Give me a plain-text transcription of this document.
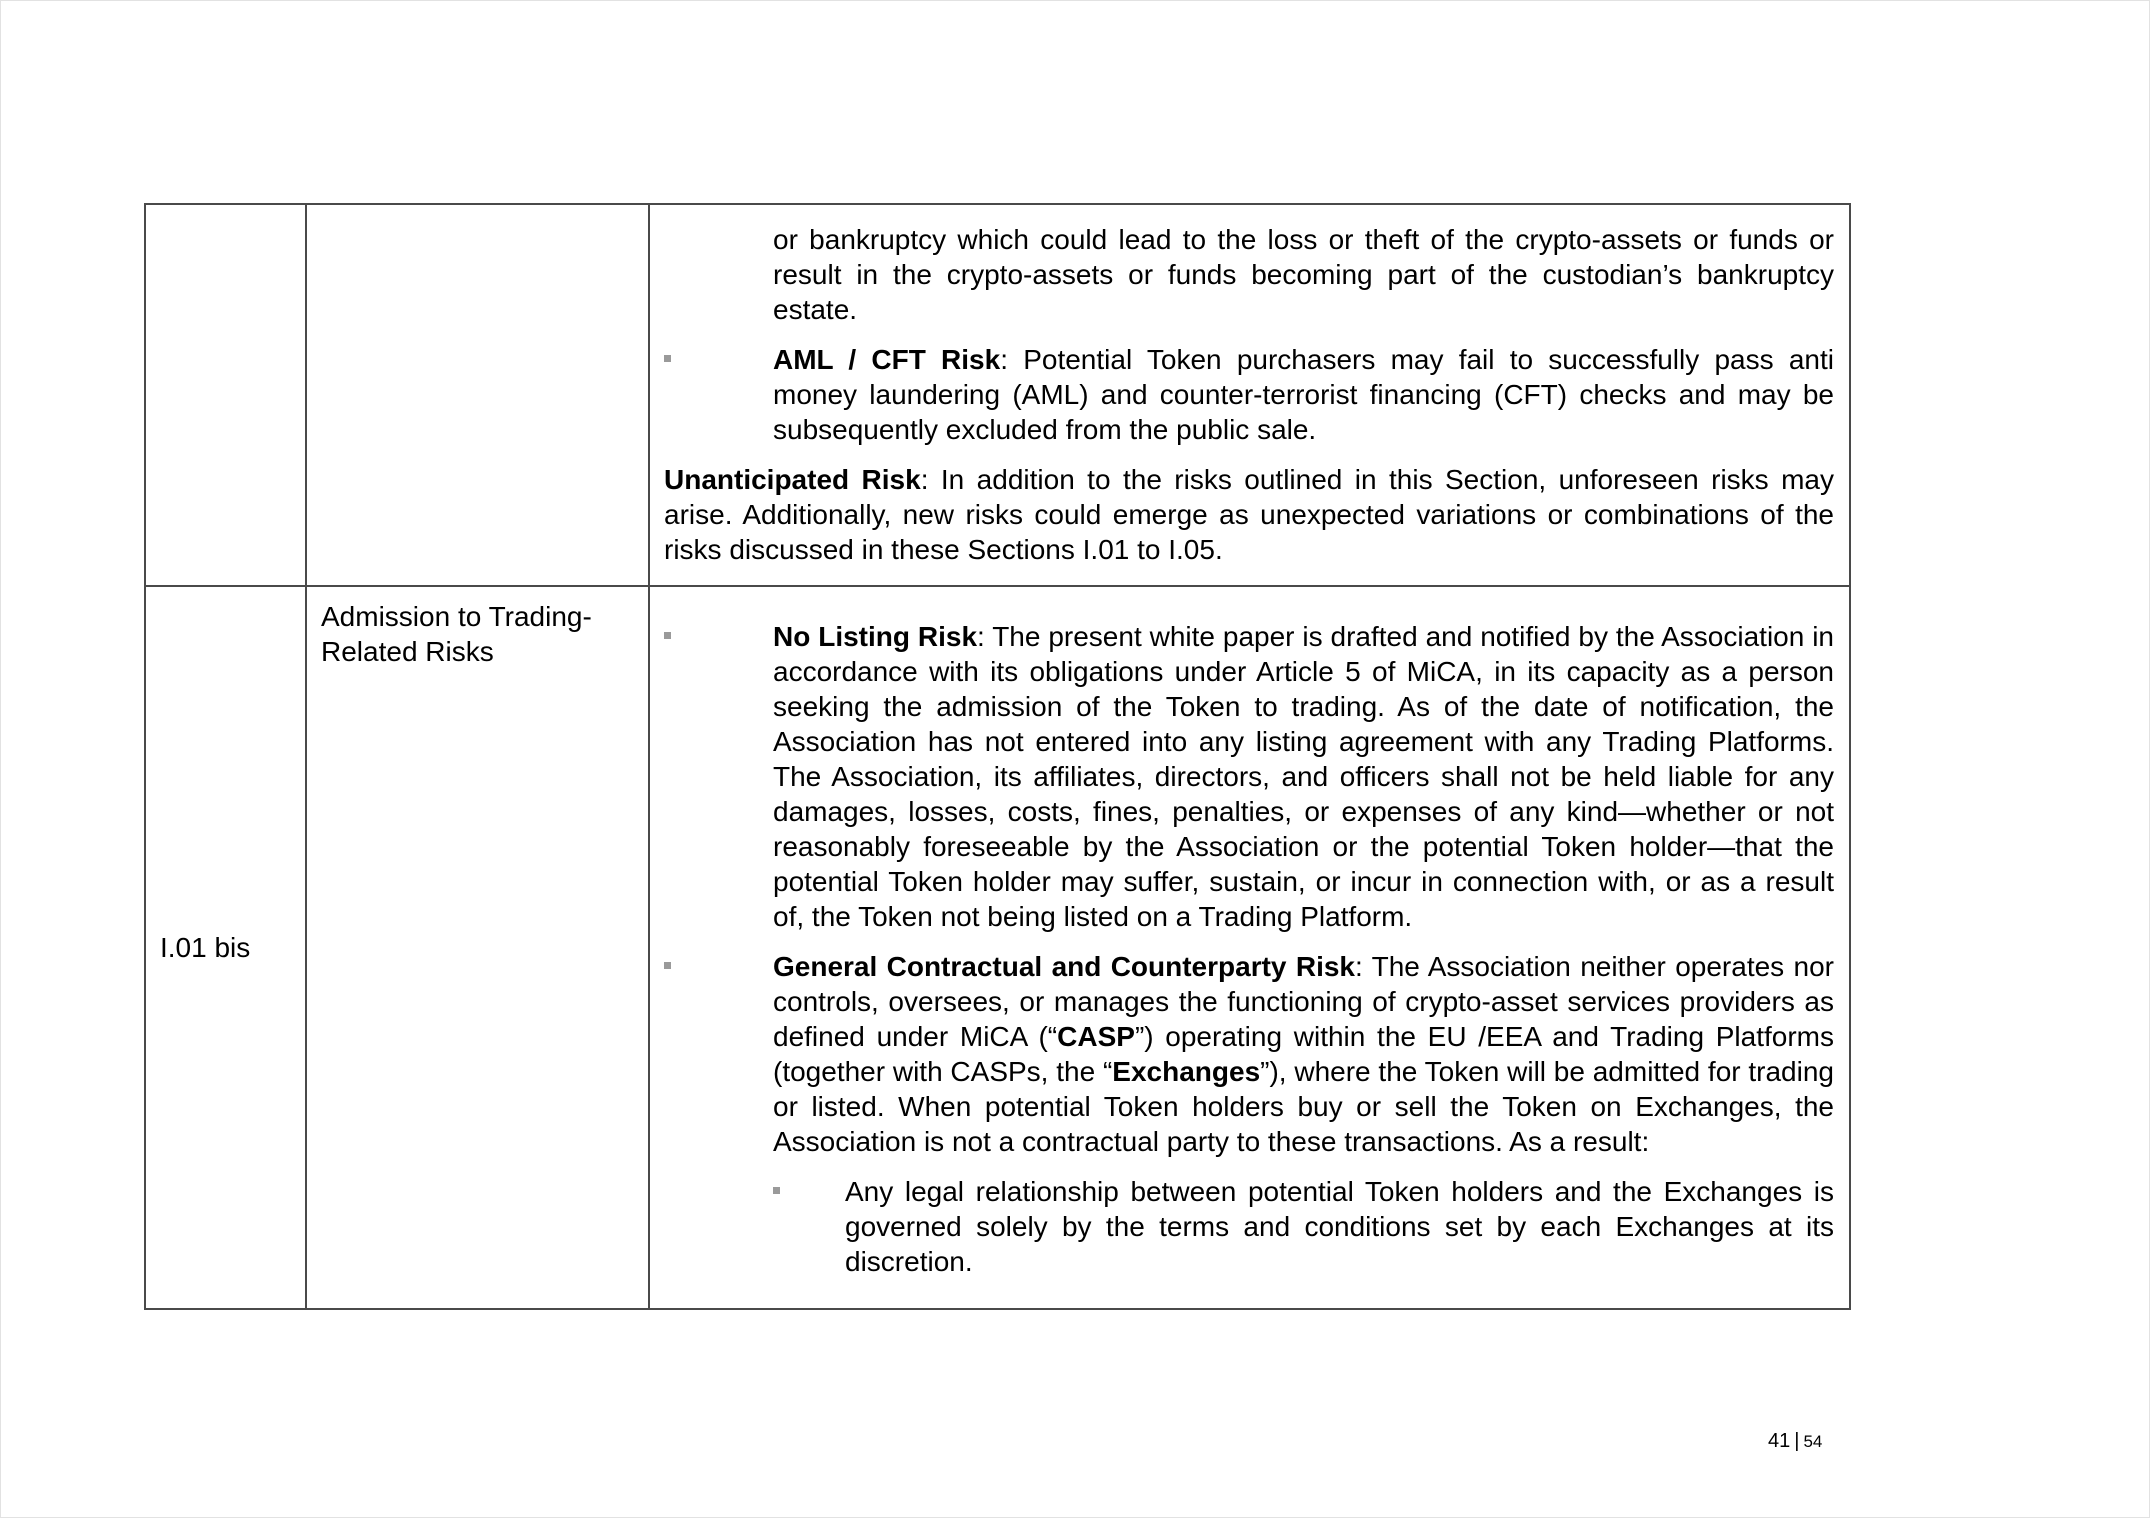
		or bankruptcy which could lead to the loss or theft of the crypto-assets or funds or result in the crypto-assets or funds becoming part of the custodian’s bankruptcy estate.

AML / CFT Risk: Potential Token purchasers may fail to successfully pass anti money laundering (AML) and counter-terrorist financing (CFT) checks and may be subsequently excluded from the public sale.

Unanticipated Risk: In addition to the risks outlined in this Section, unforeseen risks may arise. Additionally, new risks could emerge as unexpected variations or combinations of the risks discussed in these Sections I.01 to I.05.

I.01 bis	Admission to Trading-Related Risks	No Listing Risk: The present white paper is drafted and notified by the Association in accordance with its obligations under Article 5 of MiCA, in its capacity as a person seeking the admission of the Token to trading. As of the date of notification, the Association has not entered into any listing agreement with any Trading Platforms. The Association, its affiliates, directors, and officers shall not be held liable for any damages, losses, costs, fines, penalties, or expenses of any kind—whether or not reasonably foreseeable by the Association or the potential Token holder—that the potential Token holder may suffer, sustain, or incur in connection with, or as a result of, the Token not being listed on a Trading Platform.
General Contractual and Counterparty Risk: The Association neither operates nor controls, oversees, or manages the functioning of crypto-asset services providers as defined under MiCA (“CASP”) operating within the EU /EEA and Trading Platforms (together with CASPs, the “Exchanges”), where the Token will be admitted for trading or listed. When potential Token holders buy or sell the Token on Exchanges, the Association is not a contractual party to these transactions. As a result:
Any legal relationship between potential Token holders and the Exchanges is governed solely by the terms and conditions set by each Exchanges at its discretion.
41 | 54
